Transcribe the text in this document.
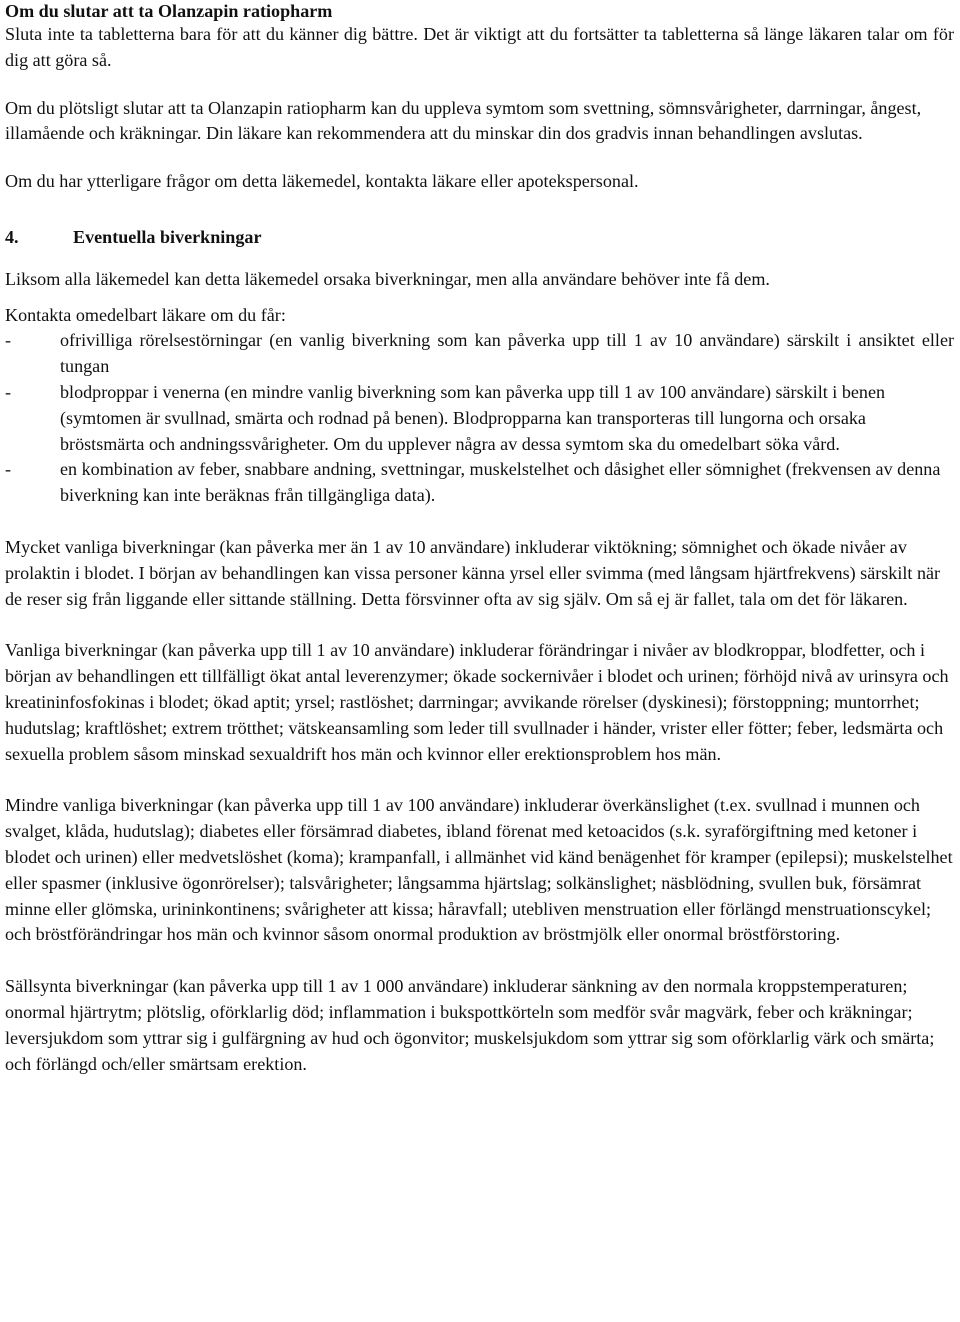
Om du slutar att ta Olanzapin ratiopharm

Sluta inte ta tabletterna bara för att du känner dig bättre. Det är viktigt att du fortsätter ta tabletterna så länge läkaren talar om för dig att göra så.

Om du plötsligt slutar att ta Olanzapin ratiopharm kan du uppleva symtom som svettning, sömnsvårigheter, darrningar, ångest, illamående och kräkningar. Din läkare kan rekommendera att du minskar din dos gradvis innan behandlingen avslutas.

Om du har ytterligare frågor om detta läkemedel, kontakta läkare eller apotekspersonal.

4.	Eventuella biverkningar

Liksom alla läkemedel kan detta läkemedel orsaka biverkningar, men alla användare behöver inte få dem.

Kontakta omedelbart läkare om du får:

-	ofrivilliga rörelsestörningar (en vanlig biverkning som kan påverka upp till 1 av 10 användare) särskilt i ansiktet eller tungan
-	blodproppar i venerna (en mindre vanlig biverkning som kan påverka upp till 1 av 100 användare) särskilt i benen (symtomen är svullnad, smärta och rodnad på benen). Blodpropparna kan transporteras till lungorna och orsaka bröstsmärta och andningssvårigheter. Om du upplever några av dessa symtom ska du omedelbart söka vård.
-	en kombination av feber, snabbare andning, svettningar, muskelstelhet och dåsighet eller sömnighet (frekvensen av denna biverkning kan inte beräknas från tillgängliga data).

Mycket vanliga biverkningar (kan påverka mer än 1 av 10 användare) inkluderar viktökning; sömnighet och ökade nivåer av prolaktin i blodet. I början av behandlingen kan vissa personer känna yrsel eller svimma (med långsam hjärtfrekvens) särskilt när de reser sig från liggande eller sittande ställning. Detta försvinner ofta av sig själv. Om så ej är fallet, tala om det för läkaren.

Vanliga biverkningar (kan påverka upp till 1 av 10 användare) inkluderar förändringar i nivåer av blodkroppar, blodfetter, och i början av behandlingen ett tillfälligt ökat antal leverenzymer; ökade sockernivåer i blodet och urinen; förhöjd nivå av urinsyra och kreatininfosfokinas i blodet; ökad aptit; yrsel; rastlöshet; darrningar; avvikande rörelser (dyskinesi); förstoppning; muntorrhet; hudutslag; kraftlöshet; extrem trötthet; vätskeansamling som leder till svullnader i händer, vrister eller fötter; feber, ledsmärta och sexuella problem såsom minskad sexualdrift hos män och kvinnor eller erektionsproblem hos män.

Mindre vanliga biverkningar (kan påverka upp till 1 av 100 användare) inkluderar överkänslighet (t.ex. svullnad i munnen och svalget, klåda, hudutslag); diabetes eller försämrad diabetes, ibland förenat med ketoacidos (s.k. syraförgiftning med ketoner i blodet och urinen) eller medvetslöshet (koma); krampanfall, i allmänhet vid känd benägenhet för kramper (epilepsi); muskelstelhet eller spasmer (inklusive ögonrörelser); talsvårigheter; långsamma hjärtslag; solkänslighet; näsblödning, svullen buk, försämrat minne eller glömska, urininkontinens; svårigheter att kissa; håravfall; utebliven menstruation eller förlängd menstruationscykel; och bröstförändringar hos män och kvinnor såsom onormal produktion av bröstmjölk eller onormal bröstförstoring.

Sällsynta biverkningar (kan påverka upp till 1 av 1 000 användare) inkluderar sänkning av den normala kroppstemperaturen; onormal hjärtrytm; plötslig, oförklarlig död; inflammation i bukspottkörteln som medför svår magvärk, feber och kräkningar; leversjukdom som yttrar sig i gulfärgning av hud och ögonvitor; muskelsjukdom som yttrar sig som oförklarlig värk och smärta; och förlängd och/eller smärtsam erektion.
